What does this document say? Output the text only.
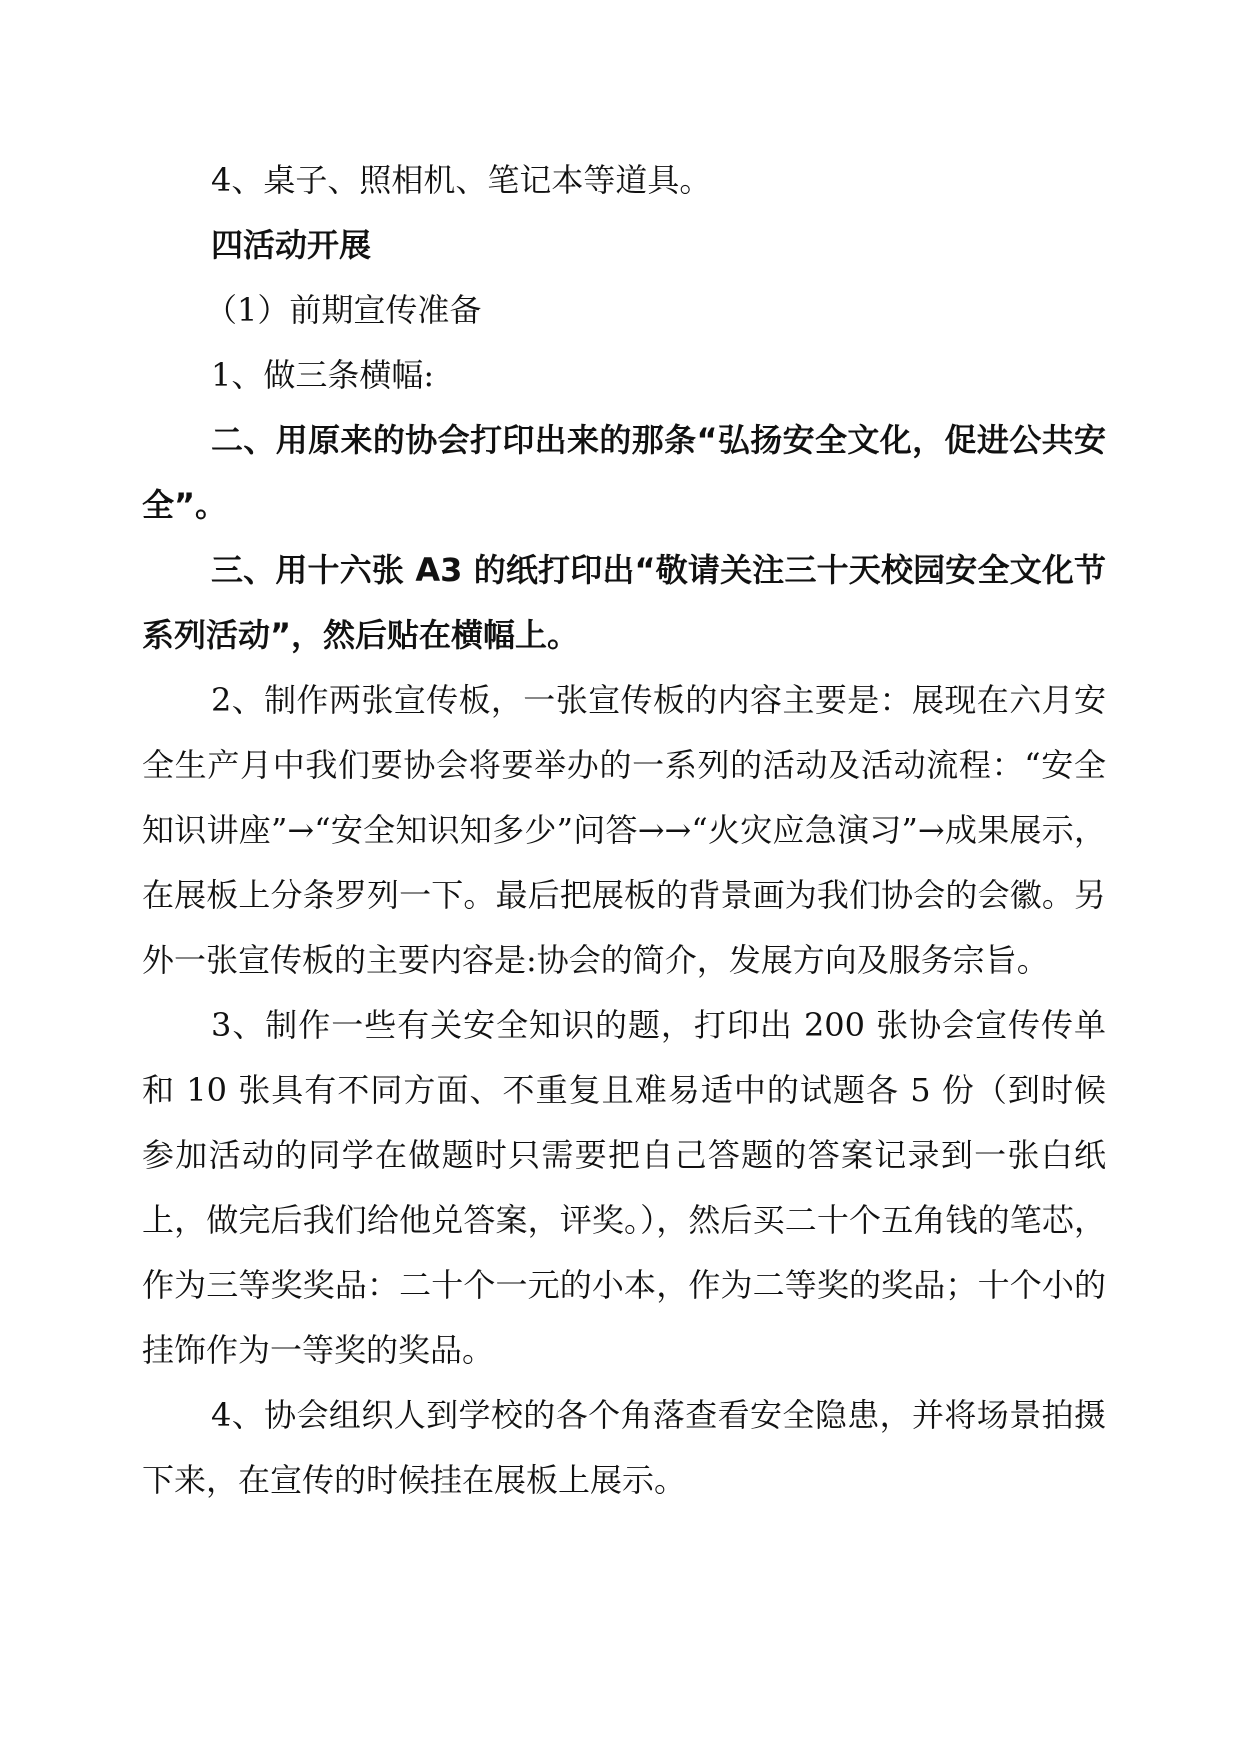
4、桌子、照相机、笔记本等道具。

四活动开展

（1）前期宣传准备

1、做三条横幅:

二、用原来的协会打印出来的那条“弘扬安全文化，促进公共安全”。

三、用十六张 A3 的纸打印出“敬请关注三十天校园安全文化节系列活动”，然后贴在横幅上。

2、制作两张宣传板，一张宣传板的内容主要是：展现在六月安全生产月中我们要协会将要举办的一系列的活动及活动流程：“安全知识讲座”→“安全知识知多少”问答→→“火灾应急演习”→成果展示，在展板上分条罗列一下。最后把展板的背景画为我们协会的会徽。另外一张宣传板的主要内容是:协会的简介，发展方向及服务宗旨。

3、制作一些有关安全知识的题，打印出 200 张协会宣传传单和 10 张具有不同方面、不重复且难易适中的试题各 5 份（到时候参加活动的同学在做题时只需要把自己答题的答案记录到一张白纸上，做完后我们给他兑答案，评奖。），然后买二十个五角钱的笔芯，作为三等奖奖品：二十个一元的小本，作为二等奖的奖品；十个小的挂饰作为一等奖的奖品。

4、协会组织人到学校的各个角落查看安全隐患，并将场景拍摄下来，在宣传的时候挂在展板上展示。
